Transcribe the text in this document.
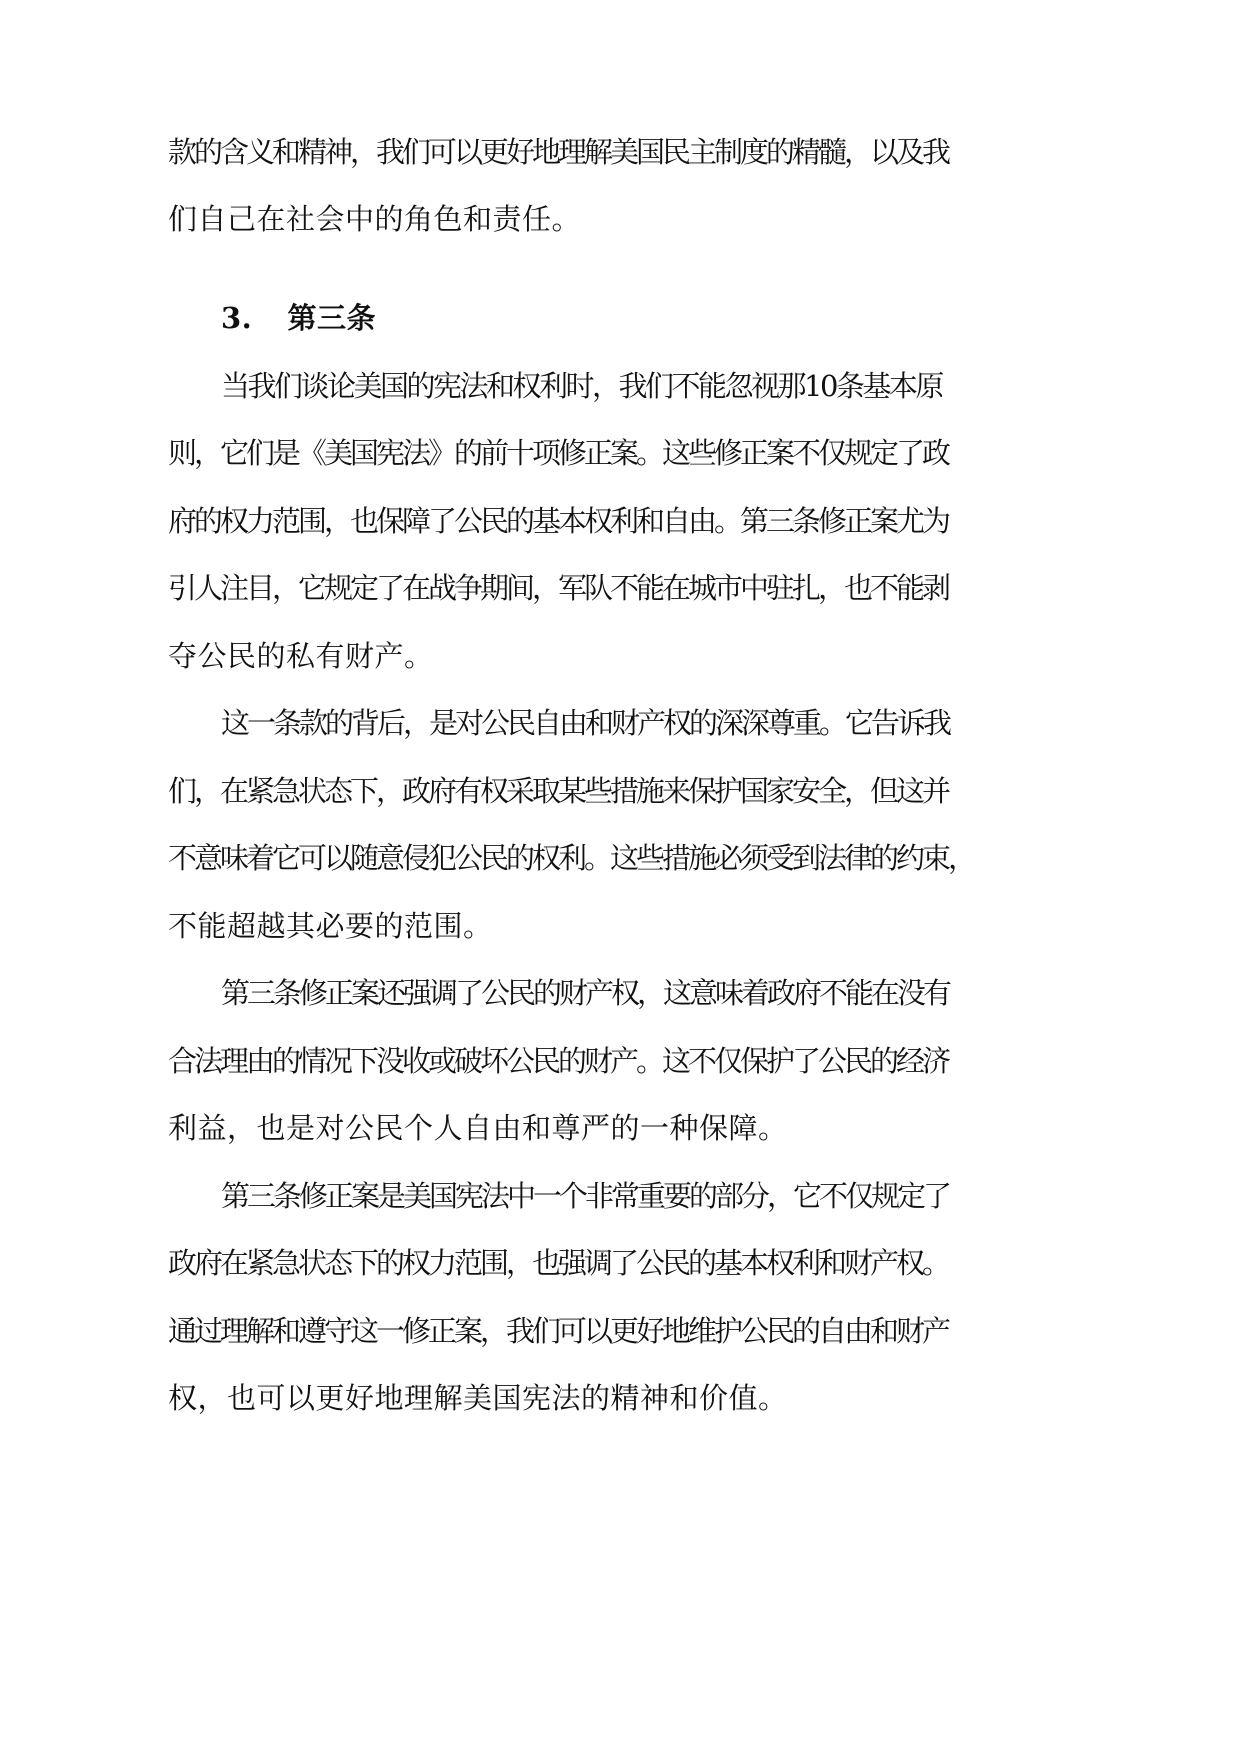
款的含义和精神，我们可以更好地理解美国民主制度的精髓，以及我
们自己在社会中的角色和责任。
3. 第三条
当我们谈论美国的宪法和权利时，我们不能忽视那10条基本原
则，它们是《美国宪法》的前十项修正案。这些修正案不仅规定了政
府的权力范围，也保障了公民的基本权利和自由。第三条修正案尤为
引人注目，它规定了在战争期间，军队不能在城市中驻扎，也不能剥
夺公民的私有财产。
这一条款的背后，是对公民自由和财产权的深深尊重。它告诉我
们，在紧急状态下，政府有权采取某些措施来保护国家安全，但这并
不意味着它可以随意侵犯公民的权利。这些措施必须受到法律的约束，
不能超越其必要的范围。
第三条修正案还强调了公民的财产权，这意味着政府不能在没有
合法理由的情况下没收或破坏公民的财产。这不仅保护了公民的经济
利益，也是对公民个人自由和尊严的一种保障。
第三条修正案是美国宪法中一个非常重要的部分，它不仅规定了
政府在紧急状态下的权力范围，也强调了公民的基本权利和财产权。
通过理解和遵守这一修正案，我们可以更好地维护公民的自由和财产
权，也可以更好地理解美国宪法的精神和价值。
